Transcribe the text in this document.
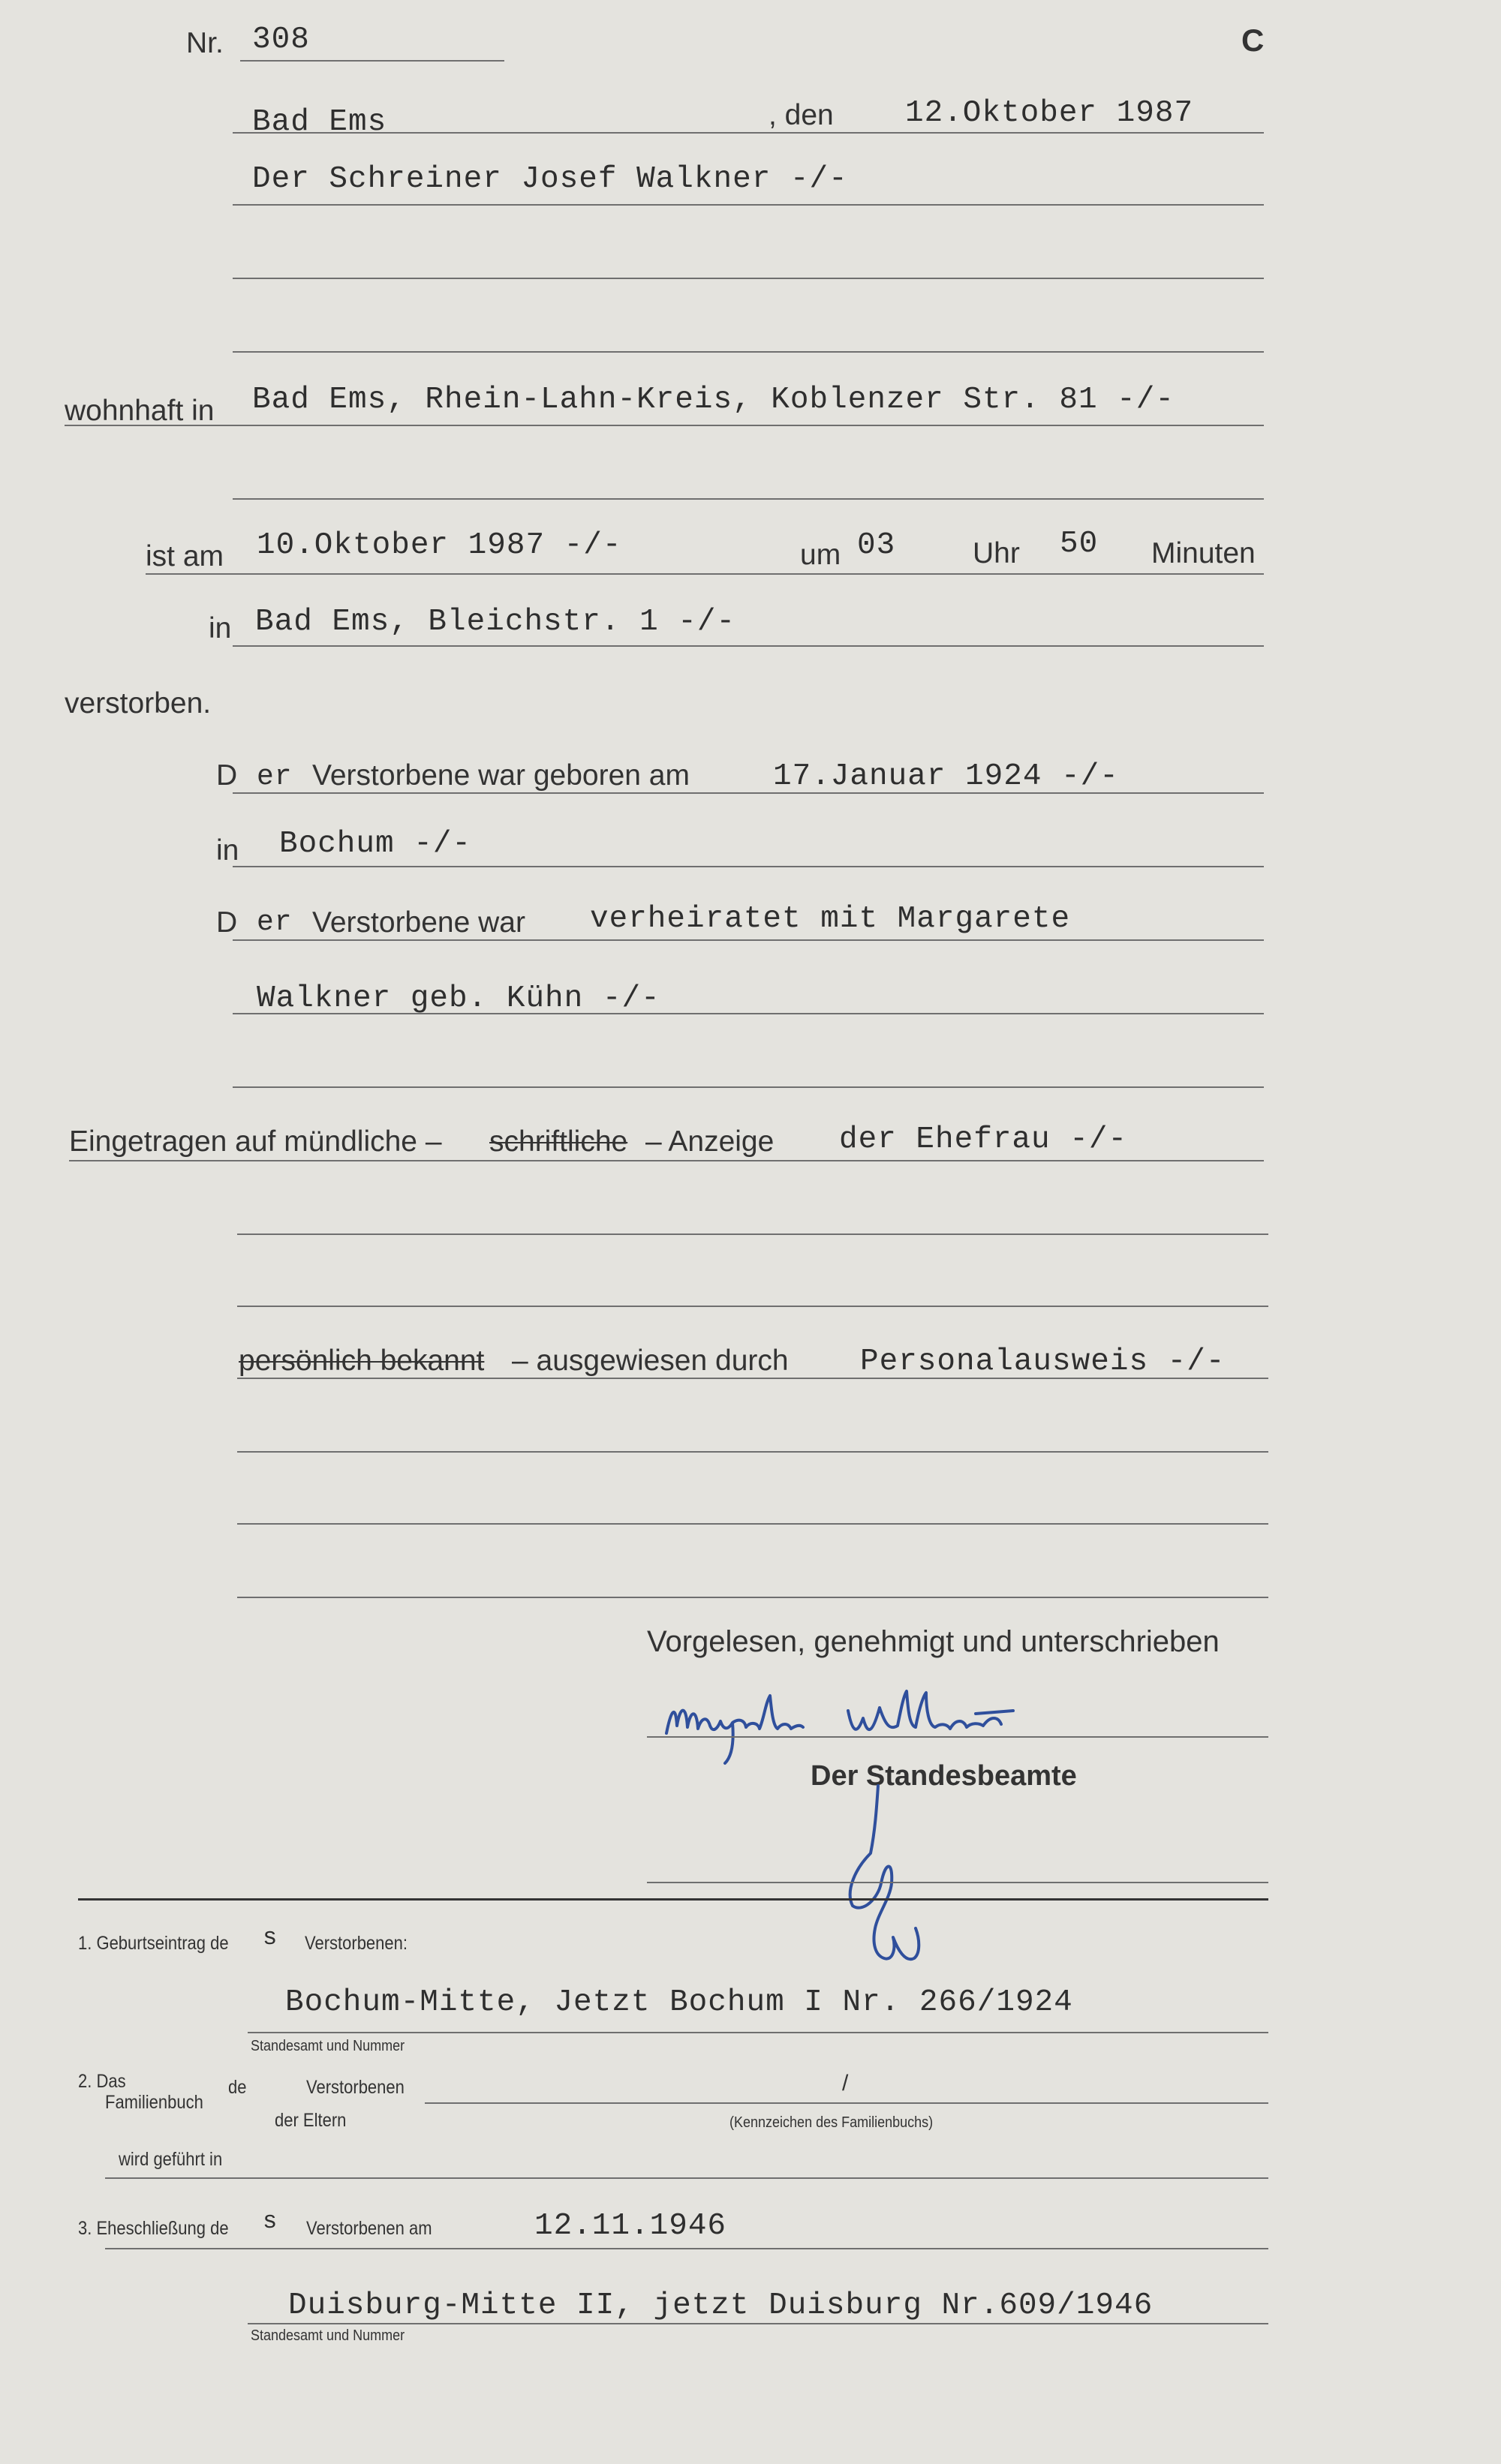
Nr. 308	C
Bad Ems	, den 12.Oktober 1987
Der Schreiner Josef Walkner -/-
wohnhaft in Bad Ems, Rhein-Lahn-Kreis, Koblenzer Str. 81 -/-
ist am 10.Oktober 1987 -/-	um 03	Uhr 50 Minuten
in Bad Ems, Bleichstr. 1 -/-
verstorben.
D er Verstorbene war geboren am	17.Januar 1924 -/-
in Bochum -/-
D er Verstorbene war verheiratet mit Margarete
Walkner geb. Kühn -/-
Eingetragen auf mündliche – schriftliche – Anzeige der Ehefrau -/-
persönlich bekannt – ausgewiesen durch Personalausweis -/-
Vorgelesen, genehmigt und unterschrieben
Der Standesbeamte
1. Geburtseintrag de s Verstorbenen:
Bochum-Mitte, Jetzt Bochum I Nr. 266/1924
Standesamt und Nummer
2. Das
Familienbuch
de	Verstorbenen	/
der Eltern	(Kennzeichen des Familienbuchs)
wird geführt in
3. Eheschließung de s Verstorbenen am	12.11.1946
Duisburg-Mitte II, jetzt Duisburg Nr.609/1946
Standesamt und Nummer
